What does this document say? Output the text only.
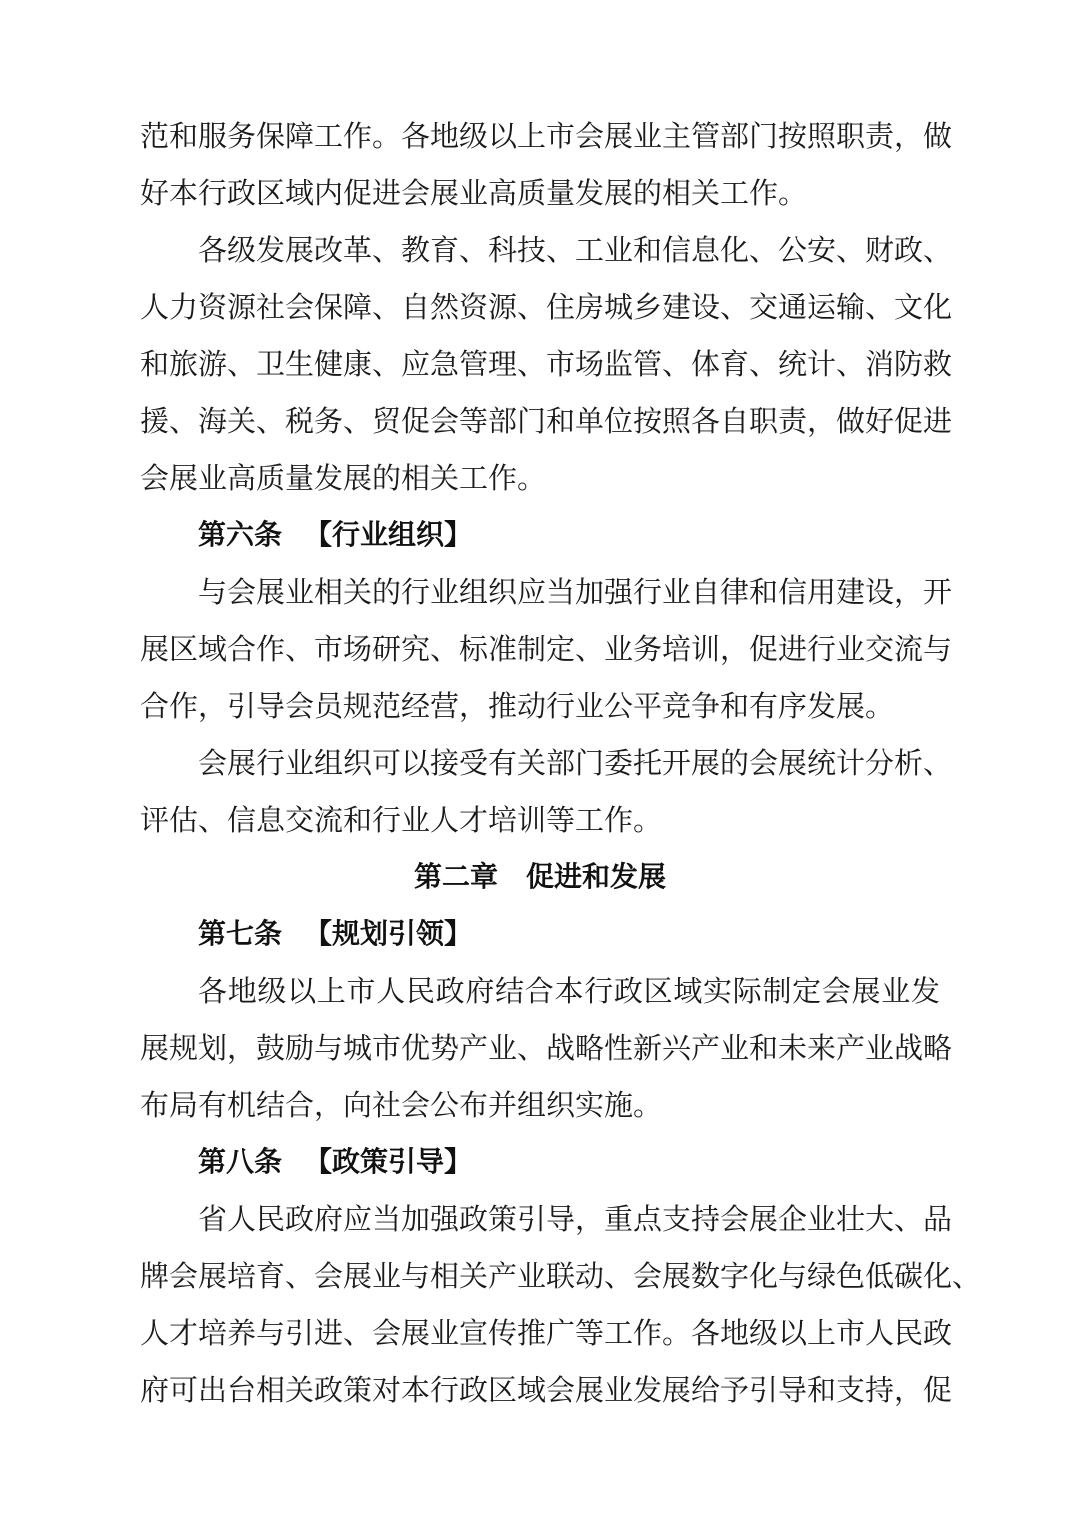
范和服务保障工作。各地级以上市会展业主管部门按照职责，做
好本行政区域内促进会展业高质量发展的相关工作。
各级发展改革、教育、科技、工业和信息化、公安、财政、
人力资源社会保障、自然资源、住房城乡建设、交通运输、文化
和旅游、卫生健康、应急管理、市场监管、体育、统计、消防救
援、海关、税务、贸促会等部门和单位按照各自职责，做好促进
会展业高质量发展的相关工作。
第六条 【行业组织】
与会展业相关的行业组织应当加强行业自律和信用建设，开
展区域合作、市场研究、标准制定、业务培训，促进行业交流与
合作，引导会员规范经营，推动行业公平竞争和有序发展。
会展行业组织可以接受有关部门委托开展的会展统计分析、
评估、信息交流和行业人才培训等工作。
第二章 促进和发展
第七条 【规划引领】
各地级以上市人民政府结合本行政区域实际制定会展业发
展规划，鼓励与城市优势产业、战略性新兴产业和未来产业战略
布局有机结合，向社会公布并组织实施。
第八条 【政策引导】
省人民政府应当加强政策引导，重点支持会展企业壮大、品
牌会展培育、会展业与相关产业联动、会展数字化与绿色低碳化、
人才培养与引进、会展业宣传推广等工作。各地级以上市人民政
府可出台相关政策对本行政区域会展业发展给予引导和支持，促
